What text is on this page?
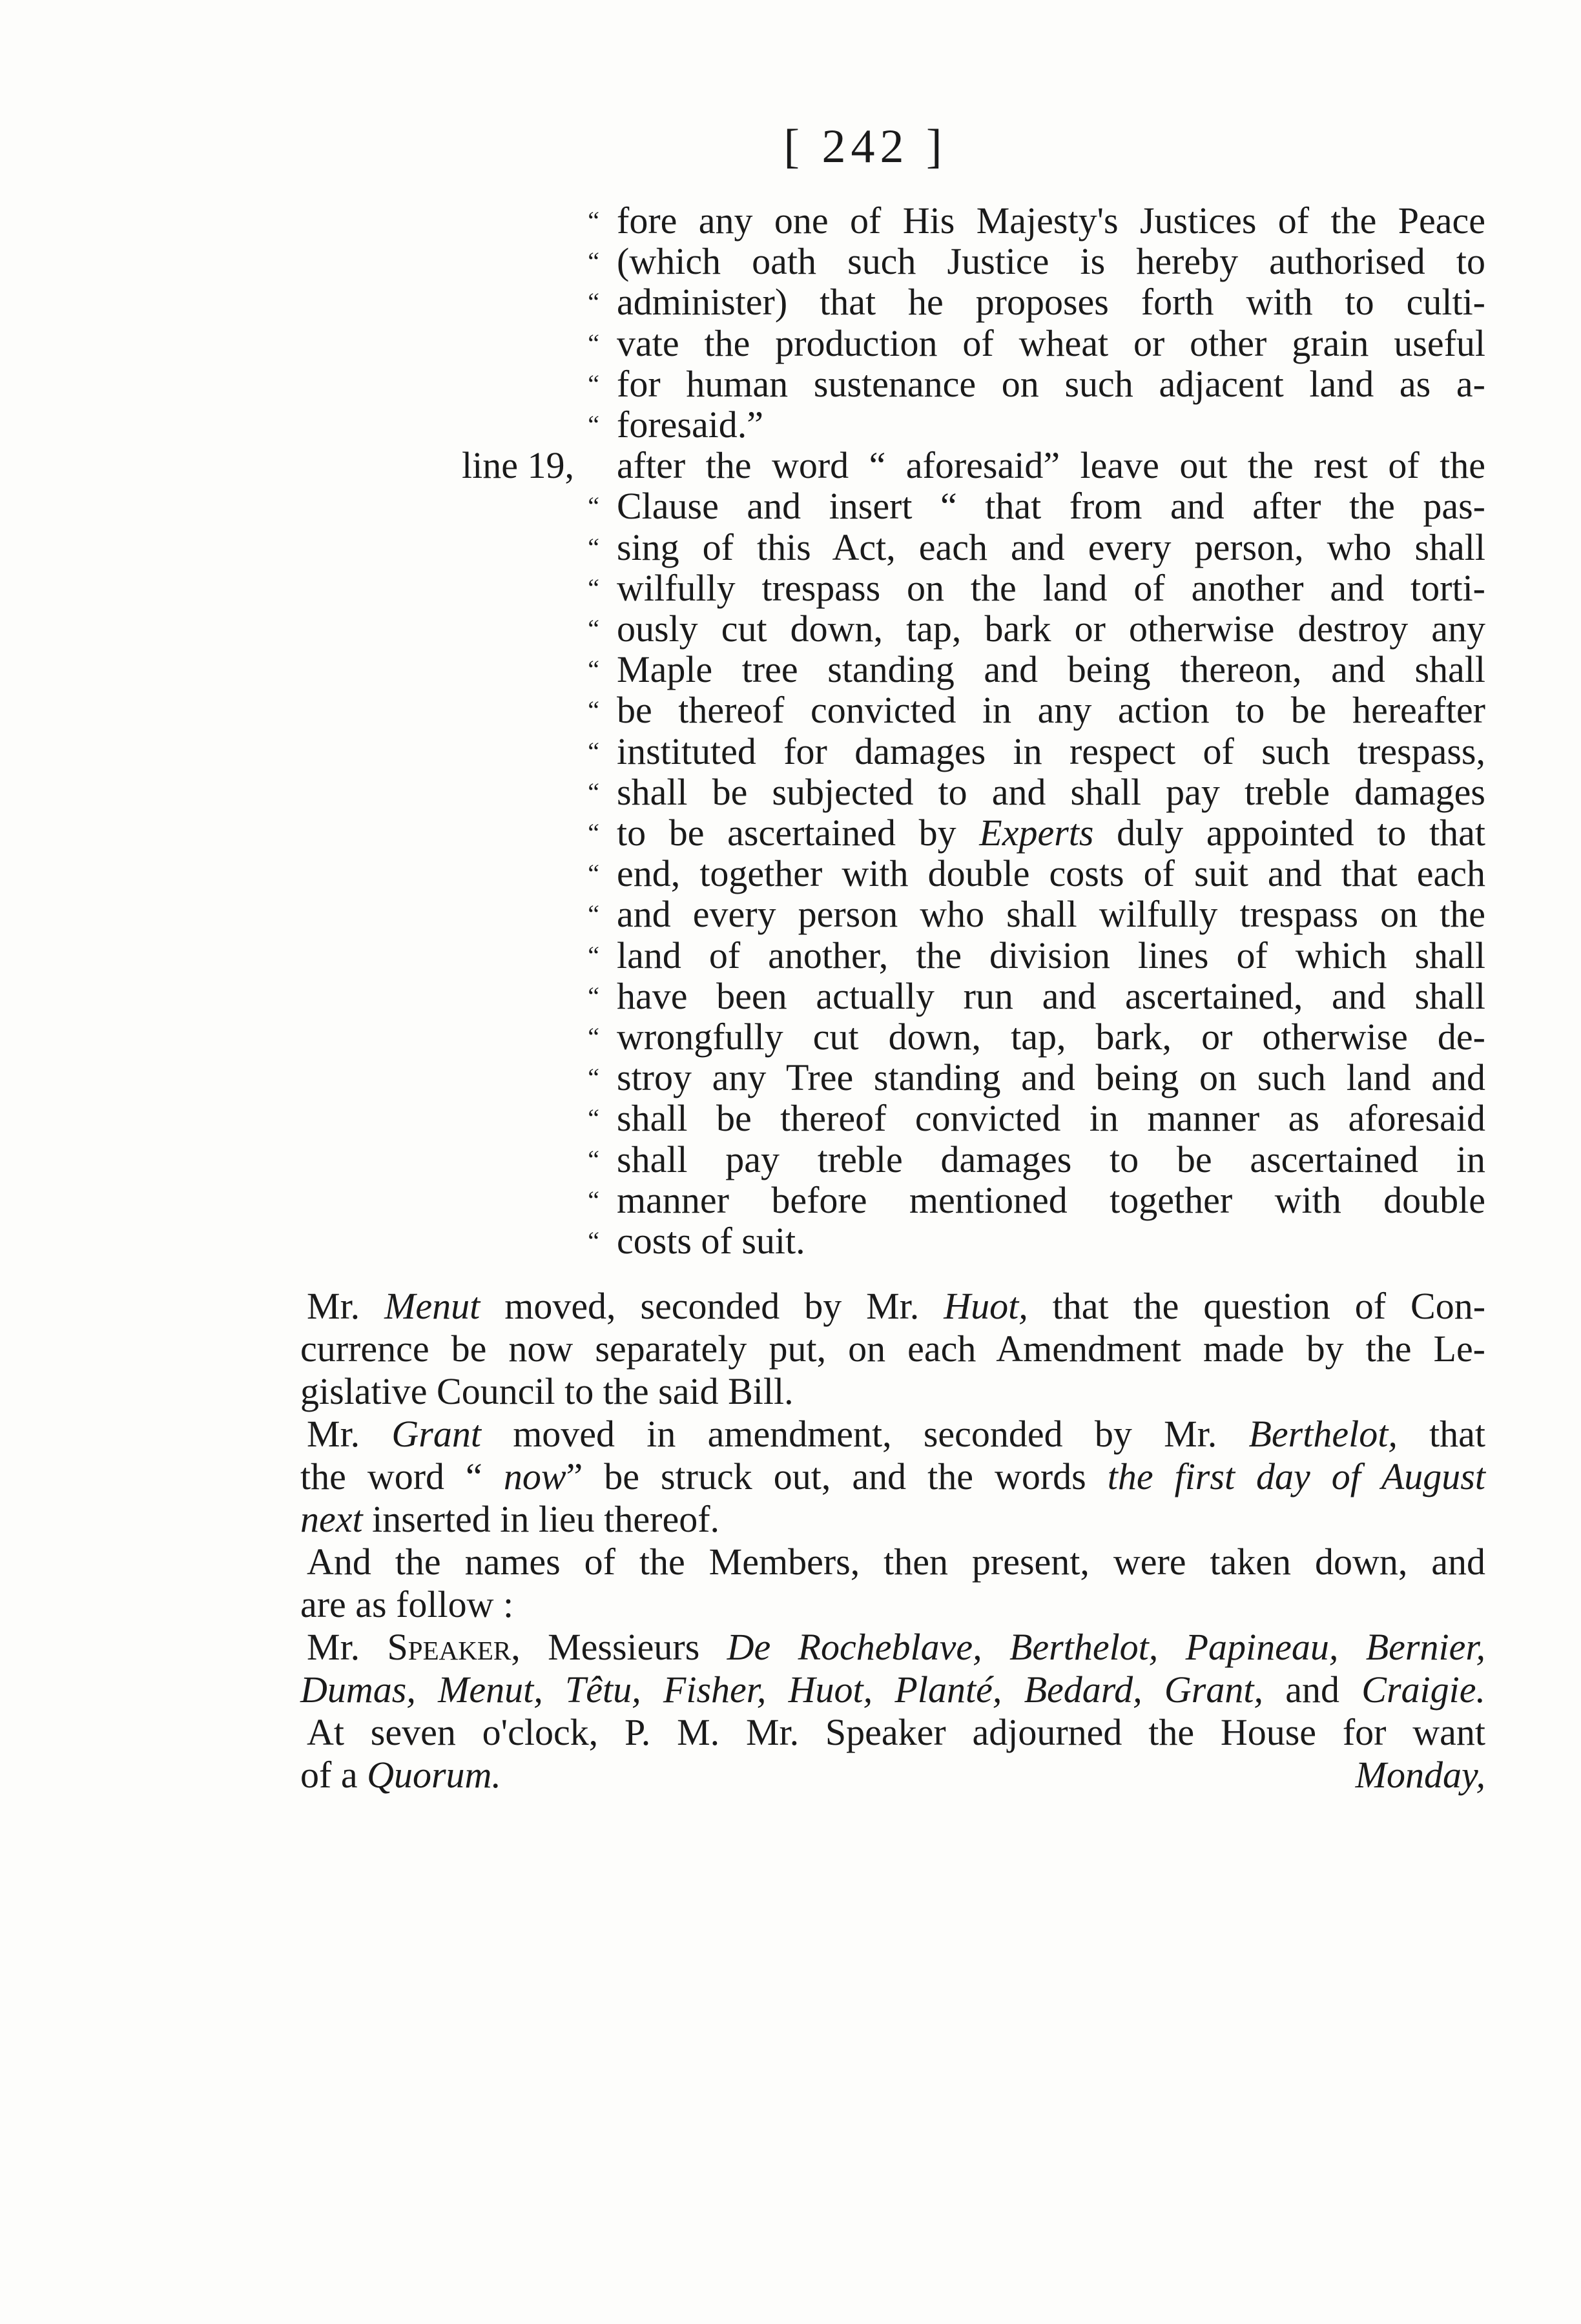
[ 242 ]
“ fore any one of His Majesty's Justices of the Peace
“ (which oath such Justice is hereby authorised to
“ administer) that he proposes forth with to culti-
“ vate the production of wheat or other grain useful
“ for human sustenance on such adjacent land as a-
“ foresaid.”
line 19,	after the word “ aforesaid” leave out the rest of the
“ Clause and insert “ that from and after the pas-
“ sing of this Act, each and every person, who shall
“ wilfully trespass on the land of another and torti-
“ ously cut down, tap, bark or otherwise destroy any
“ Maple tree standing and being thereon, and shall
“ be thereof convicted in any action to be hereafter
“ instituted for damages in respect of such trespass,
“ shall be subjected to and shall pay treble damages
“ to be ascertained by Experts duly appointed to that
“ end, together with double costs of suit and that each
“ and every person who shall wilfully trespass on the
“ land of another, the division lines of which shall
“ have been actually run and ascertained, and shall
“ wrongfully cut down, tap, bark, or otherwise de-
“ stroy any Tree standing and being on such land and
“ shall be thereof convicted in manner as aforesaid
“ shall pay treble damages to be ascertained in
“ manner before mentioned together with double
“ costs of suit.
Mr. Menut moved, seconded by Mr. Huot, that the question of Con-
currence be now separately put, on each Amendment made by the Le-
gislative Council to the said Bill.
Mr. Grant moved in amendment, seconded by Mr. Berthelot, that
the word “ now” be struck out, and the words the first day of August
next inserted in lieu thereof.
And the names of the Members, then present, were taken down, and
are as follow :
Mr. Speaker, Messieurs De Rocheblave, Berthelot, Papineau, Bernier,
Dumas, Menut, Têtu, Fisher, Huot, Planté, Bedard, Grant, and Craigie.
At seven o'clock, P. M. Mr. Speaker adjourned the House for want
of a Quorum.	Monday,
